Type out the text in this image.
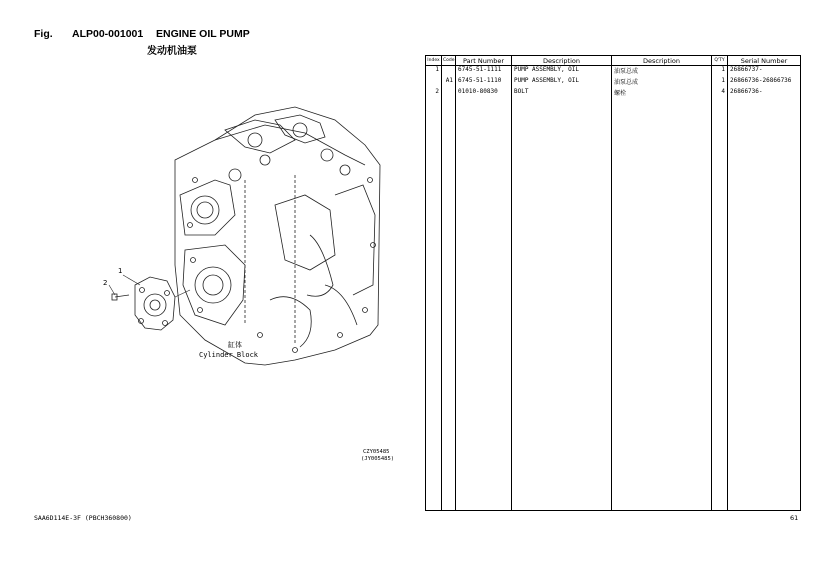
Fig. ALP00-001001 ENGINE OIL PUMP
发动机油泵
1
2
缸体
Cylinder Block
CZY05485
(JY005485)
Index	Code	Part Number	Description	Description	Q'TY	Serial Number
1		6745-51-1111	PUMP ASSEMBLY, OIL	油泵总成	1	26866737-
	A1	6745-51-1110	PUMP ASSEMBLY, OIL	油泵总成	1	26866736-26866736
2		01010-80830	BOLT	螺栓	4	26866736-

SAA6D114E-3F (PBCH360800)	61
